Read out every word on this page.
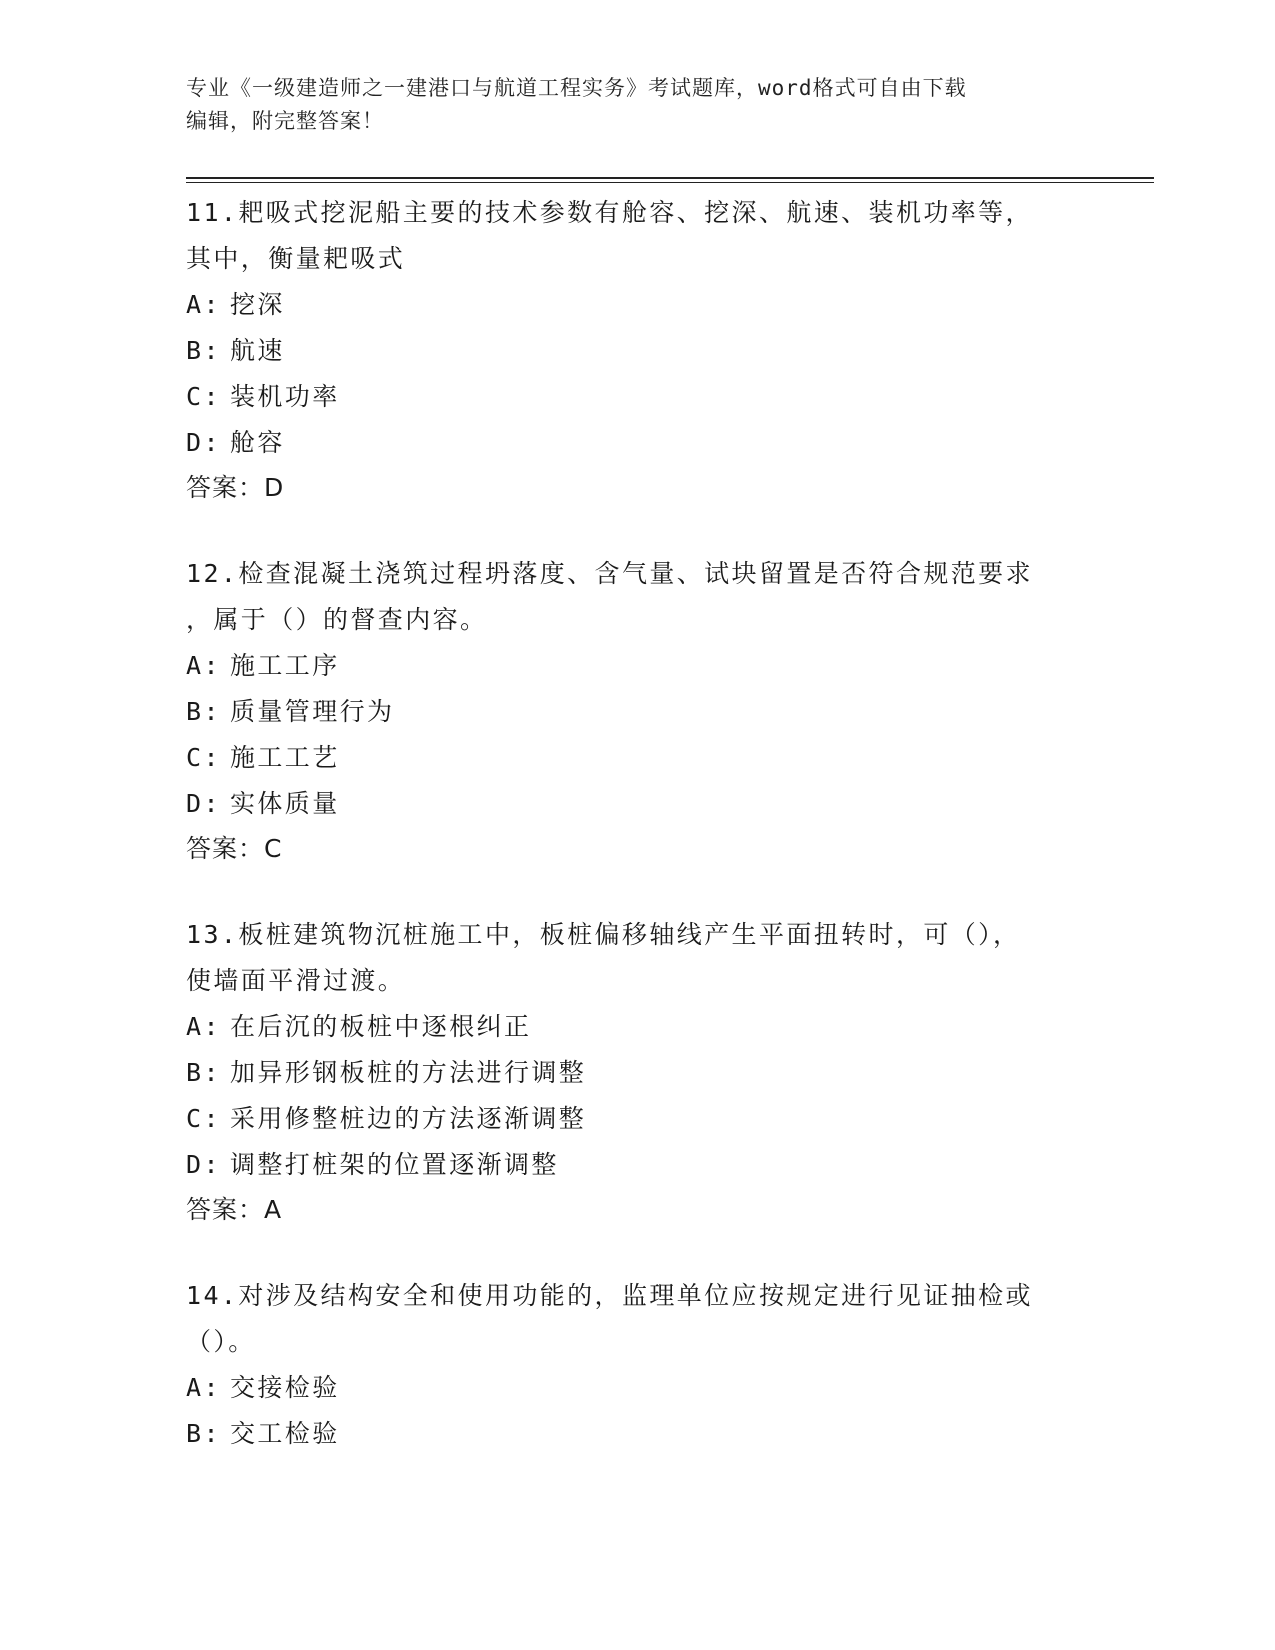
专业《一级建造师之一建港口与航道工程实务》考试题库，word格式可自由下载
编辑，附完整答案！
11.耙吸式挖泥船主要的技术参数有舱容、挖深、航速、装机功率等，
其中，衡量耙吸式
A: 挖深
B: 航速
C: 装机功率
D: 舱容
答案：D
12.检查混凝土浇筑过程坍落度、含气量、试块留置是否符合规范要求
，属于（）的督查内容。
A: 施工工序
B: 质量管理行为
C: 施工工艺
D: 实体质量
答案：C
13.板桩建筑物沉桩施工中，板桩偏移轴线产生平面扭转时，可（），
使墙面平滑过渡。
A: 在后沉的板桩中逐根纠正
B: 加异形钢板桩的方法进行调整
C: 采用修整桩边的方法逐渐调整
D: 调整打桩架的位置逐渐调整
答案：A
14.对涉及结构安全和使用功能的，监理单位应按规定进行见证抽检或
（）。
A: 交接检验
B: 交工检验
